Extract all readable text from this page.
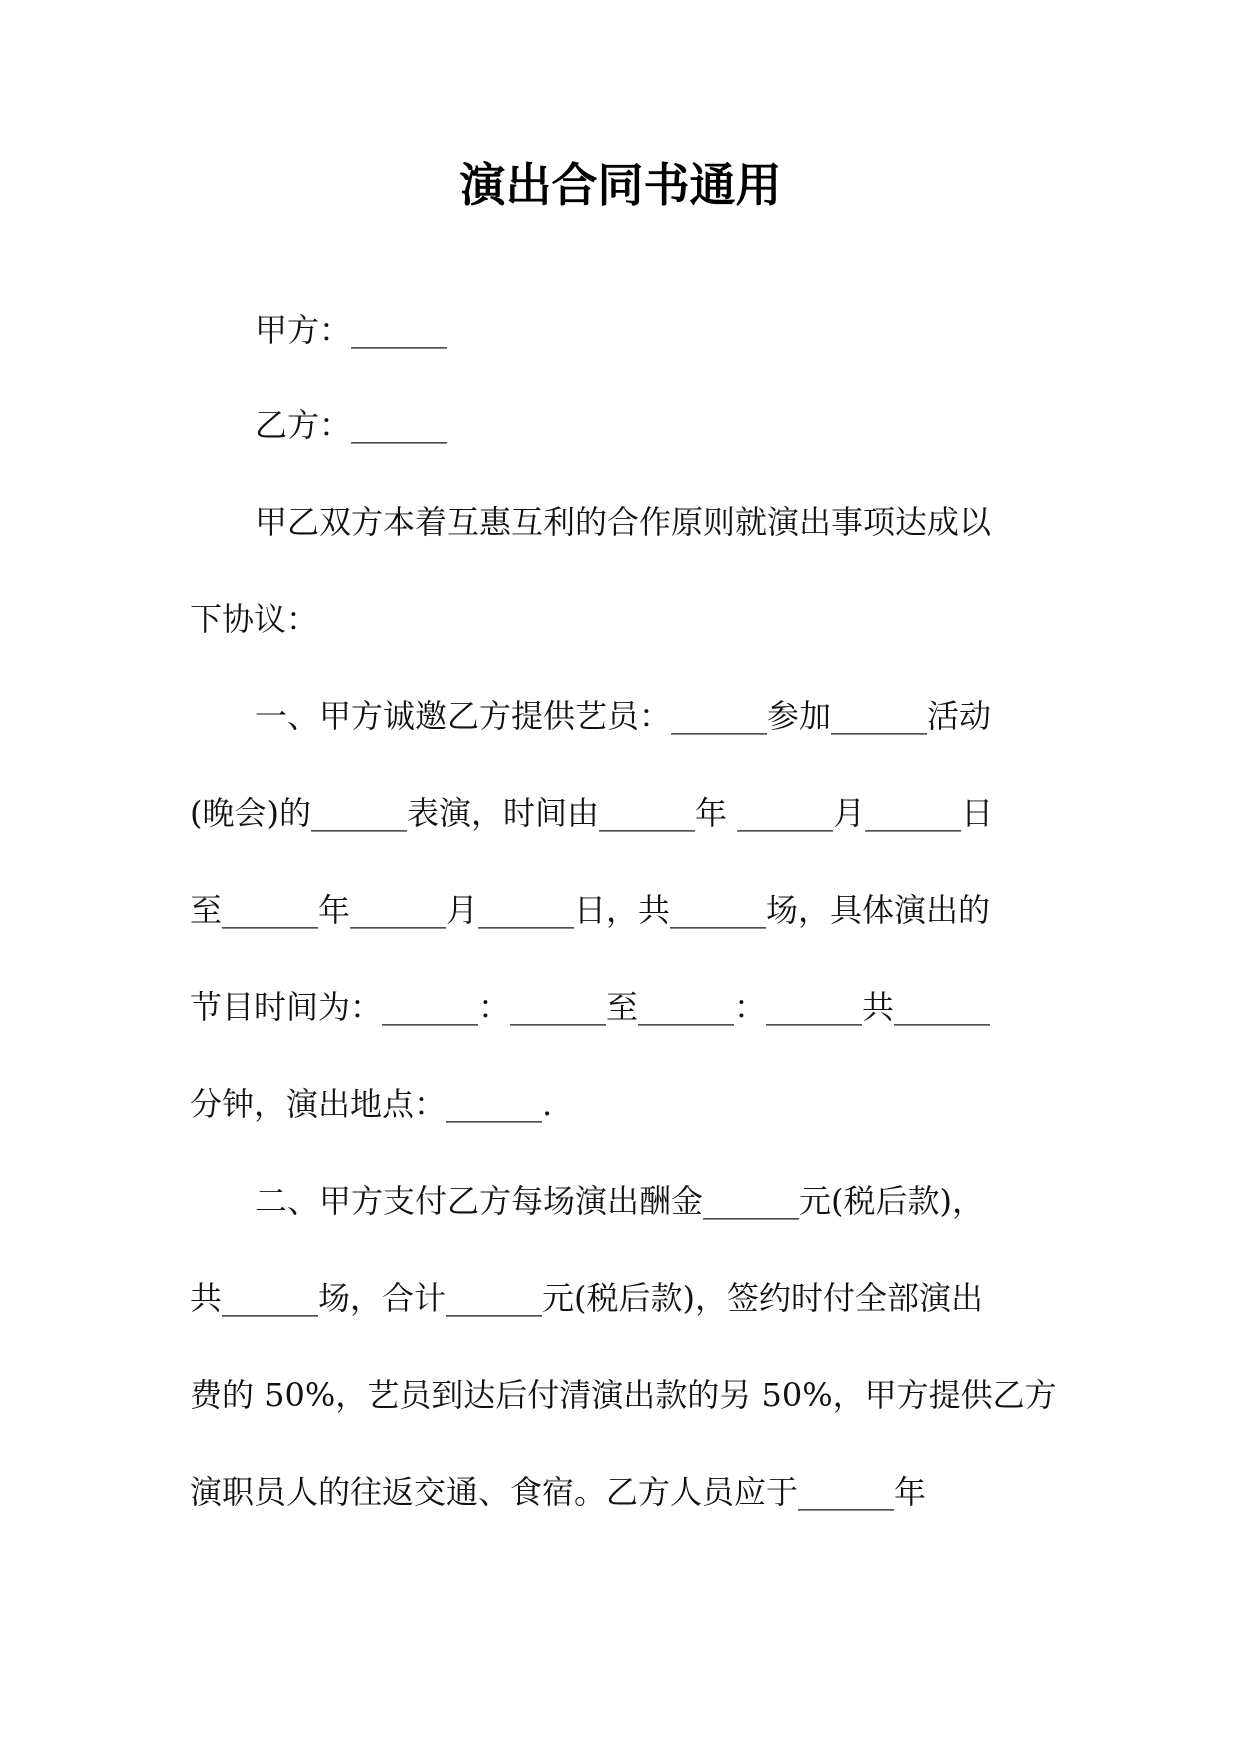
演出合同书通用

甲方：______

乙方：______

甲乙双方本着互惠互利的合作原则就演出事项达成以

下协议：

一、甲方诚邀乙方提供艺员：______参加______活动

(晚会)的______表演，时间由______年 ______月______日

至______年______月______日，共______场，具体演出的

节目时间为：______：______至______：______共______

分钟，演出地点：______.

二、甲方支付乙方每场演出酬金______元(税后款)，

共______场，合计______元(税后款)，签约时付全部演出

费的 50%，艺员到达后付清演出款的另 50%，甲方提供乙方

演职员人的往返交通、食宿。乙方人员应于______年
